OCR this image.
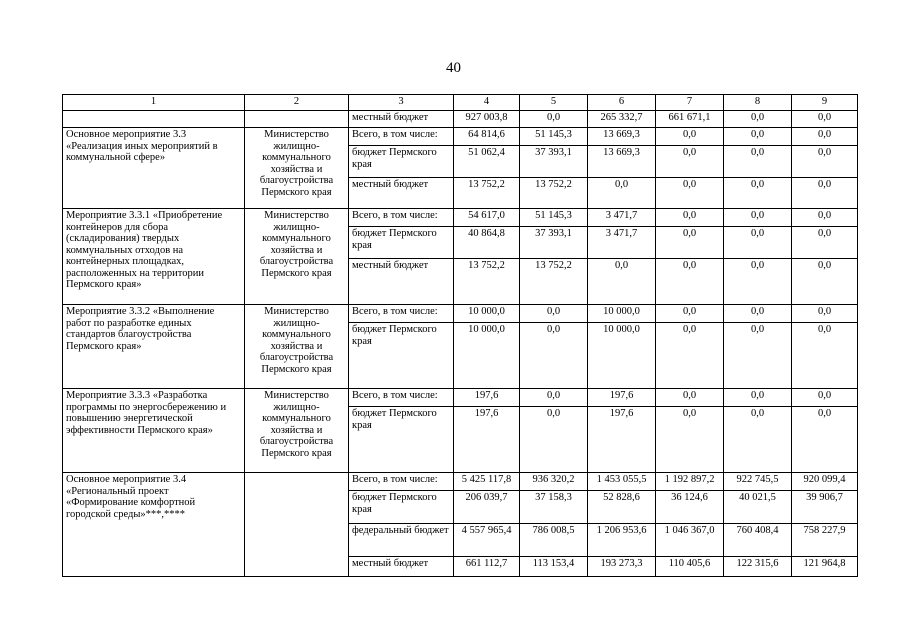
40
1	2	3	4	5	6	7	8	9
		местный бюджет	927 003,8	0,0	265 332,7	661 671,1	0,0	0,0
Основное мероприятие 3.3 «Реализация иных мероприятий в коммунальной сфере»	Министерство жилищно-коммунального хозяйства и благоустройства Пермского края	Всего, в том числе:	64 814,6	51 145,3	13 669,3	0,0	0,0	0,0
		бюджет Пермского края	51 062,4	37 393,1	13 669,3	0,0	0,0	0,0
		местный бюджет	13 752,2	13 752,2	0,0	0,0	0,0	0,0
Мероприятие 3.3.1 «Приобретение контейнеров для сбора (складирования) твердых коммунальных отходов на контейнерных площадках, расположенных на территории Пермского края»	Министерство жилищно-коммунального хозяйства и благоустройства Пермского края	Всего, в том числе:	54 617,0	51 145,3	3 471,7	0,0	0,0	0,0
		бюджет Пермского края	40 864,8	37 393,1	3 471,7	0,0	0,0	0,0
		местный бюджет	13 752,2	13 752,2	0,0	0,0	0,0	0,0
Мероприятие 3.3.2 «Выполнение работ по разработке единых стандартов благоустройства Пермского края»	Министерство жилищно-коммунального хозяйства и благоустройства Пермского края	Всего, в том числе:	10 000,0	0,0	10 000,0	0,0	0,0	0,0
		бюджет Пермского края	10 000,0	0,0	10 000,0	0,0	0,0	0,0
Мероприятие 3.3.3 «Разработка программы по энергосбережению и повышению энергетической эффективности Пермского края»	Министерство жилищно-коммунального хозяйства и благоустройства Пермского края	Всего, в том числе:	197,6	0,0	197,6	0,0	0,0	0,0
		бюджет Пермского края	197,6	0,0	197,6	0,0	0,0	0,0
Основное мероприятие 3.4 «Региональный проект «Формирование комфортной городской среды»***,****		Всего, в том числе:	5 425 117,8	936 320,2	1 453 055,5	1 192 897,2	922 745,5	920 099,4
		бюджет Пермского края	206 039,7	37 158,3	52 828,6	36 124,6	40 021,5	39 906,7
		федеральный бюджет	4 557 965,4	786 008,5	1 206 953,6	1 046 367,0	760 408,4	758 227,9
		местный бюджет	661 112,7	113 153,4	193 273,3	110 405,6	122 315,6	121 964,8
